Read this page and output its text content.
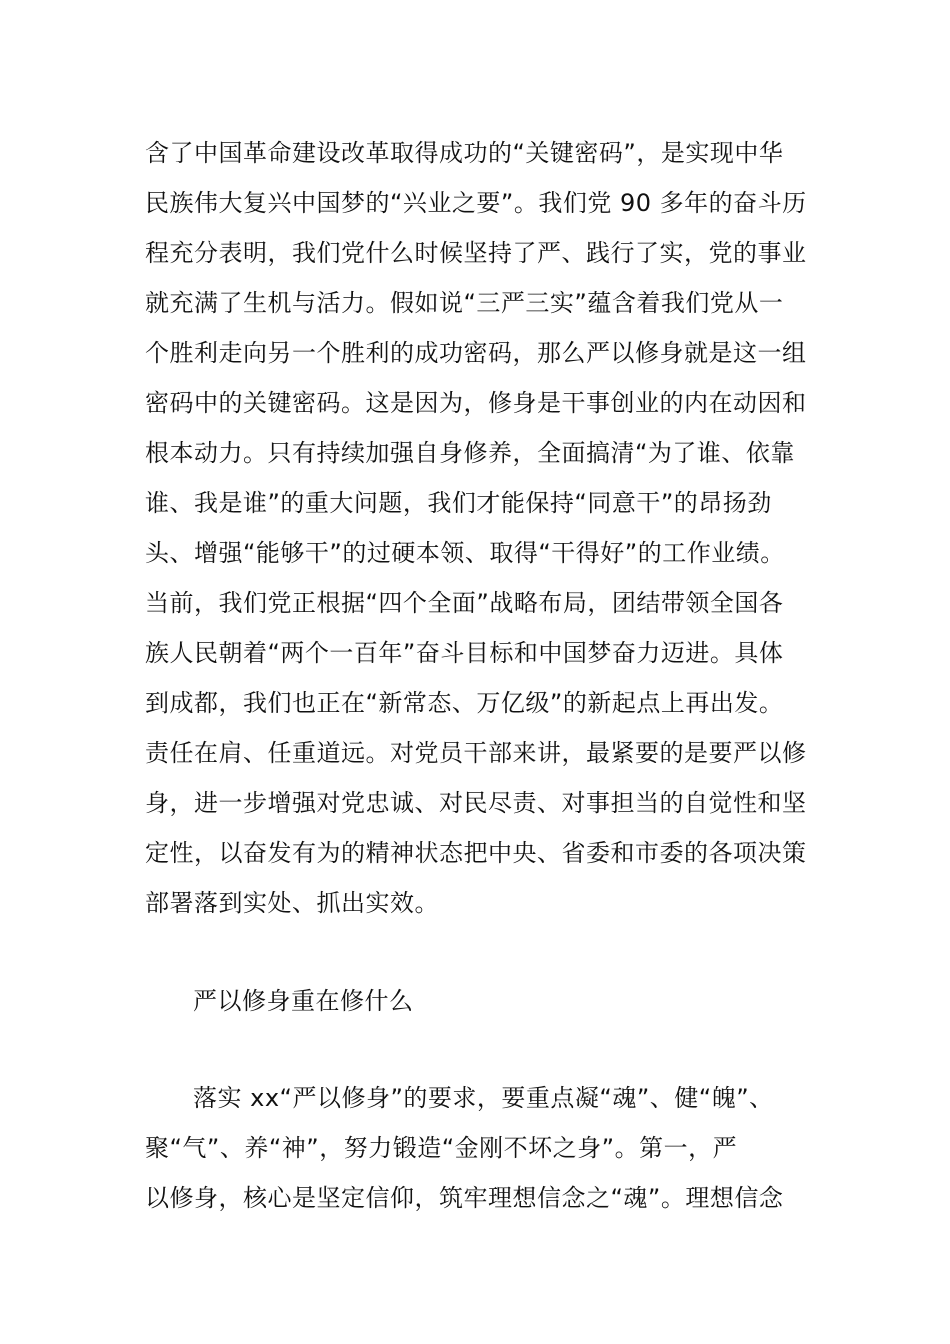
含了中国革命建设改革取得成功的“关键密码”，是实现中华
民族伟大复兴中国梦的“兴业之要”。我们党 90 多年的奋斗历
程充分表明，我们党什么时候坚持了严、践行了实，党的事业
就充满了生机与活力。假如说“三严三实”蕴含着我们党从一
个胜利走向另一个胜利的成功密码，那么严以修身就是这一组
密码中的关键密码。这是因为，修身是干事创业的内在动因和
根本动力。只有持续加强自身修养，全面搞清“为了谁、依靠
谁、我是谁”的重大问题，我们才能保持“同意干”的昂扬劲
头、增强“能够干”的过硬本领、取得“干得好”的工作业绩。
当前，我们党正根据“四个全面”战略布局，团结带领全国各
族人民朝着“两个一百年”奋斗目标和中国梦奋力迈进。具体
到成都，我们也正在“新常态、万亿级”的新起点上再出发。
责任在肩、任重道远。对党员干部来讲，最紧要的是要严以修
身，进一步增强对党忠诚、对民尽责、对事担当的自觉性和坚
定性，以奋发有为的精神状态把中央、省委和市委的各项决策
部署落到实处、抓出实效。
严以修身重在修什么
落实 xx“严以修身”的要求，要重点凝“魂”、健“魄”、
聚“气”、养“神”，努力锻造“金刚不坏之身”。第一，严
以修身，核心是坚定信仰，筑牢理想信念之“魂”。理想信念
